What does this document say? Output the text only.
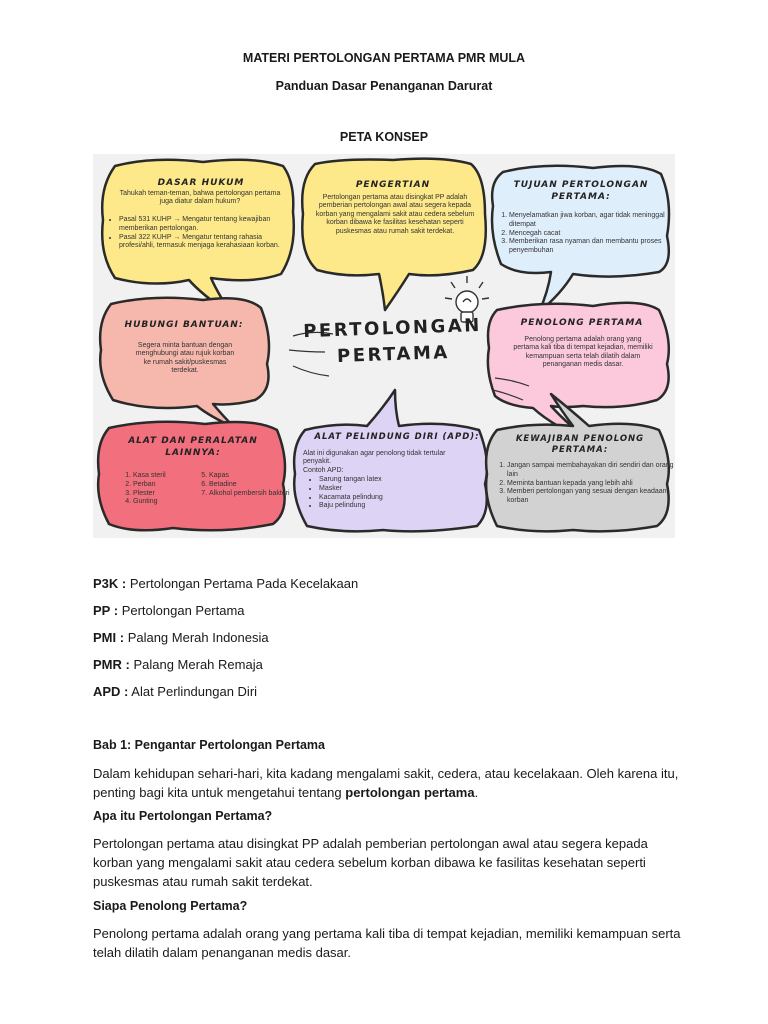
MATERI PERTOLONGAN PERTAMA PMR MULA
Panduan Dasar Penanganan Darurat
PETA KONSEP
DASAR HUKUM
Tahukah teman-teman, bahwa pertolongan pertama juga diatur dalam hukum?
• Pasal 531 KUHP → Mengatur tentang kewajiban memberikan pertolongan.
• Pasal 322 KUHP → Mengatur tentang rahasia profesi/ahli, termasuk menjaga kerahasiaan korban.
PENGERTIAN
Pertolongan pertama atau disingkat PP adalah pemberian pertolongan awal atau segera kepada korban yang mengalami sakit atau cedera sebelum korban dibawa ke fasilitas kesehatan seperti puskesmas atau rumah sakit terdekat.
TUJUAN PERTOLONGAN PERTAMA:
1. Menyelamatkan jiwa korban, agar tidak meninggal ditempat
2. Mencegah cacat
3. Memberikan rasa nyaman dan membantu proses penyembuhan
HUBUNGI BANTUAN:
Segera minta bantuan dengan menghubungi atau rujuk korban ke rumah sakit/puskesmas terdekat.
PERTOLONGAN PERTAMA
PENOLONG PERTAMA
Penolong pertama adalah orang yang pertama kali tiba di tempat kejadian, memiliki kemampuan serta telah dilatih dalam penanganan medis dasar.
ALAT DAN PERALATAN LAINNYA:
1. Kasa steril
2. Perban
3. Plester
4. Gunting
5. Kapas
6. Betadine
7. Alkohol pembersih bakteri
ALAT PELINDUNG DIRI (APD):
Alat ini digunakan agar penolong tidak tertular penyakit.
Contoh APD:
• Sarung tangan latex
• Masker
• Kacamata pelindung
• Baju pelindung
KEWAJIBAN PENOLONG PERTAMA:
1. Jangan sampai membahayakan diri sendiri dan orang lain
2. Meminta bantuan kepada yang lebih ahli
3. Memberi pertolongan yang sesuai dengan keadaan korban
P3K : Pertolongan Pertama Pada Kecelakaan
PP : Pertolongan Pertama
PMI : Palang Merah Indonesia
PMR : Palang Merah Remaja
APD : Alat Perlindungan Diri
Bab 1: Pengantar Pertolongan Pertama
Dalam kehidupan sehari-hari, kita kadang mengalami sakit, cedera, atau kecelakaan. Oleh karena itu, penting bagi kita untuk mengetahui tentang pertolongan pertama.
Apa itu Pertolongan Pertama?
Pertolongan pertama atau disingkat PP adalah pemberian pertolongan awal atau segera kepada korban yang mengalami sakit atau cedera sebelum korban dibawa ke fasilitas kesehatan seperti puskesmas atau rumah sakit terdekat.
Siapa Penolong Pertama?
Penolong pertama adalah orang yang pertama kali tiba di tempat kejadian, memiliki kemampuan serta telah dilatih dalam penanganan medis dasar.
